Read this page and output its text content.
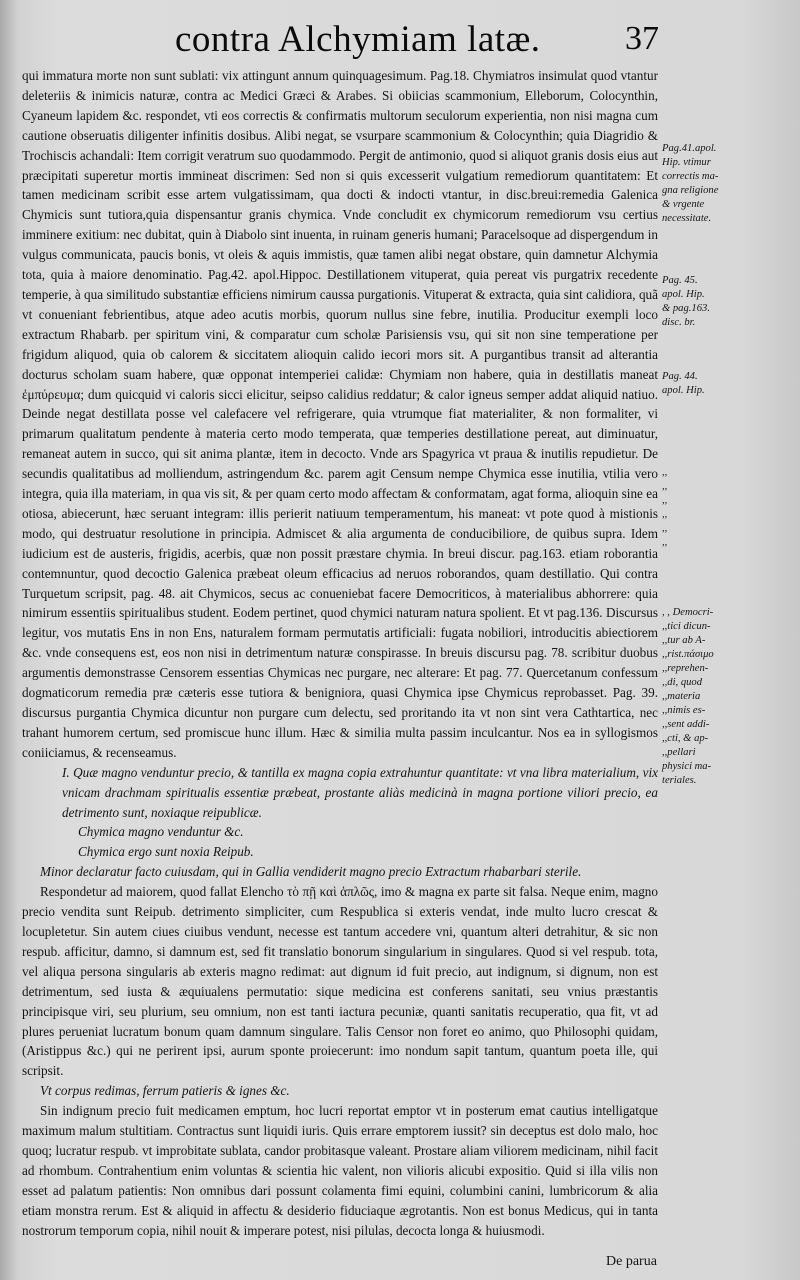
contra Alchymiam latæ. 37

qui immatura morte non sunt sublati: vix attingunt annum quinquagesimum. Pag.18. Chymiatros insimulat quod vtantur deleteriis & inimicis naturæ, contra ac Medici Græci & Arabes. Si obiicias scammonium, Elleborum, Colocynthin, Cyaneum lapidem &c. respondet, vti eos correctis & confirmatis multorum seculorum experientia, non nisi magna cum cautione obseruatis diligenter infinitis dosibus. Alibi negat, se vsurpare scammonium & Colocynthin; quia Diagridio & Trochiscis achandali: Item corrigit veratrum suo quodammodo. Pergit de antimonio, quod si aliquot granis dosis eius aut præcipitati superetur mortis immineat discrimen: Sed non si quis excesserit vulgatium remediorum quantitatem: Et tamen medicinam scribit esse artem vulgatissimam, qua docti & indocti vtantur, in disc.breui:remedia Galenica Chymicis sunt tutiora,quia dispensantur granis chymica. Vnde concludit ex chymicorum remediorum vsu certius imminere exitium: nec dubitat, quin à Diabolo sint inuenta, in ruinam generis humani; Paracelsoque ad dispergendum in vulgus communicata, paucis bonis, vt oleis & aquis immistis, quæ tamen alibi negat obstare, quin damnetur Alchymia tota, quia à maiore denominatio. Pag.42. apol.Hippoc. Destillationem vituperat, quia pereat vis purgatrix recedente temperie, à qua similitudo substantiæ efficiens nimirum caussa purgationis. Vituperat & extracta, quia sint calidiora, quã vt conueniant febrientibus, atque adeo acutis morbis, quorum nullus sine febre, inutilia. Producitur exempli loco extractum Rhabarb. per spiritum vini, & comparatur cum scholæ Parisiensis vsu, qui sit non sine temperatione per frigidum aliquod, quia ob calorem & siccitatem alioquin calido iecori mors sit. A purgantibus transit ad alterantia docturus scholam suam habere, quæ opponat intemperiei calidæ: Chymiam non habere, quia in destillatis maneat ἐμπύρευμα; dum quicquid vi caloris sicci elicitur, seipso calidius reddatur; & calor igneus semper addat aliquid natiuo. Deinde negat destillata posse vel calefacere vel refrigerare, quia vtrumque fiat materialiter, & non formaliter, vi primarum qualitatum pendente à materia certo modo temperata, quæ temperies destillatione pereat, aut diminuatur, remaneat autem in succo, qui sit anima plantæ, item in decocto. Vnde ars Spagyrica vt praua & inutilis repudietur. De secundis qualitatibus ad molliendum, astringendum &c. parem agit Censum nempe Chymica esse inutilia, vtilia vero integra, quia illa materiam, in qua vis sit, & per quam certo modo affectam & conformatam, agat forma, alioquin sine ea otiosa, abiecerunt, hæc seruant integram: illis perierit natiuum temperamentum, his maneat: vt pote quod à mistionis modo, qui destruatur resolutione in principia. Admiscet & alia argumenta de conducibiliore, de quibus supra. Idem iudicium est de austeris, frigidis, acerbis, quæ non possit præstare chymia. In breui discur. pag.163. etiam roborantia contemnuntur, quod decoctio Galenica præbeat oleum efficacius ad neruos roborandos, quam destillatio. Qui contra Turquetum scripsit, pag. 48. ait Chymicos, secus ac conueniebat facere Democriticos, à materialibus abhorrere: quia nimirum essentiis spiritualibus student. Eodem pertinet, quod chymici naturam natura spolient. Et vt pag.136. Discursus legitur, vos mutatis Ens in non Ens, naturalem formam permutatis artificiali: fugata nobiliori, introducitis abiectiorem &c. vnde consequens est, eos non nisi in detrimentum naturæ conspirasse. In breuis discursu pag. 78. scribitur duobus argumentis demonstrasse Censorem essentias Chymicas nec purgare, nec alterare: Et pag. 77. Quercetanum confessum dogmaticorum remedia præ cæteris esse tutiora & benigniora, quasi Chymica ipse Chymicus reprobasset. Pag. 39. discursus purgantia Chymica dicuntur non purgare cum delectu, sed proritando ita vt non sint vera Cathtartica, nec trahant humorem certum, sed promiscue hunc illum. Hæc & similia multa passim inculcantur. Nos ea in syllogismos coniiciamus, & recenseamus.

I. Quæ magno venduntur precio, & tantilla ex magna copia extrahuntur quantitate: vt vna libra materialium, vix vnicam drachmam spiritualis essentiæ præbeat, prostante aliàs medicinà in magna portione viliori precio, ea detrimento sunt, noxiaque reipublicæ.

Chymica magno venduntur &c.

Chymica ergo sunt noxia Reipub.

Minor declaratur facto cuiusdam, qui in Gallia vendiderit magno precio Extractum rhabarbari sterile.

Respondetur ad maiorem, quod fallat Elencho τὸ πῇ καὶ ἁπλῶς, imo & magna ex parte sit falsa. Neque enim, magno precio vendita sunt Reipub. detrimento simpliciter, cum Respublica si exteris vendat, inde multo lucro crescat & locupletetur. Sin autem ciues ciuibus vendunt, necesse est tantum accedere vni, quantum alteri detrahitur, & sic non respub. afficitur, damno, si damnum est, sed fit translatio bonorum singularium in singulares. Quod si vel respub. tota, vel aliqua persona singularis ab exteris magno redimat: aut dignum id fuit precio, aut indignum, si dignum, non est detrimentum, sed iusta & æquiualens permutatio: sique medicina est conferens sanitati, seu vnius præstantis principisque viri, seu plurium, seu omnium, non est tanti iactura pecuniæ, quanti sanitatis recuperatio, qua fit, vt ad plures perueniat lucratum bonum quam damnum singulare. Talis Censor non foret eo animo, quo Philosophi quidam, (Aristippus &c.) qui ne perirent ipsi, aurum sponte proiecerunt: imo nondum sapit tantum, quantum poeta ille, qui scripsit.

Vt corpus redimas, ferrum patieris & ignes &c.

Sin indignum precio fuit medicamen emptum, hoc lucri reportat emptor vt in posterum emat cautius intelligatque maximum malum stultitiam. Contractus sunt liquidi iuris. Quis errare emptorem iussit? sin deceptus est dolo malo, hoc quoq; lucratur respub. vt improbitate sublata, candor probitasque valeant. Prostare aliam viliorem medicinam, nihil facit ad rhombum. Contrahentium enim voluntas & scientia hic valent, non vilioris alicubi expositio. Quid si illa vilis non esset ad palatum patientis: Non omnibus dari possunt colamenta fimi equini, columbini canini, lumbricorum & alia etiam monstra rerum. Est & aliquid in affectu & desiderio fiduciaque ægrotantis. Non est bonus Medicus, qui in tanta nostrorum temporum copia, nihil nouit & imperare potest, nisi pilulas, decocta longa & huiusmodi.

Pag.41.apol.
Hip. vtimur
correctis ma-
gna religione
& vrgente
necessitate.
Pag. 45.
apol. Hip.
& pag.163.
disc. br.
Pag. 44.
apol. Hip.
,,
,,
,,
,,
,,
,,
, , Democri-
,,tici dicun-
,,tur ab A-
,,rist.πάσιμο
,,reprehen-
,,di, quod
,,materia
,,nimis es-
,,sent addi-
,,cti, & ap-
,,pellari
physici ma-
teriales.
De parua
